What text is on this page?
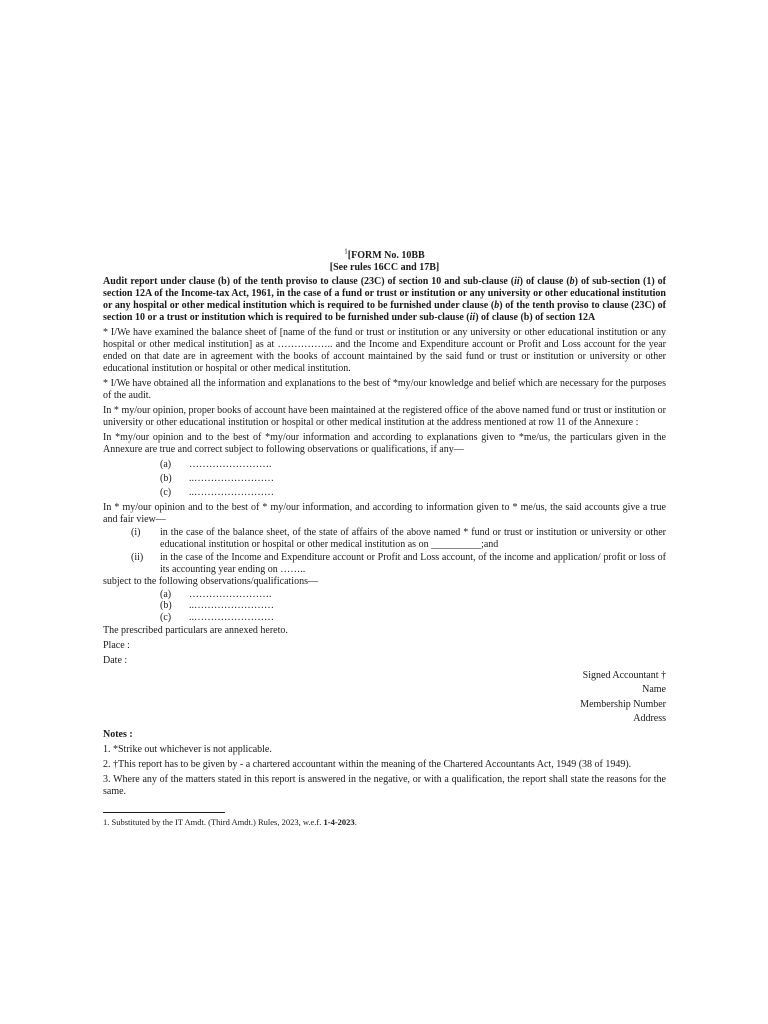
$^1$[FORM No. 10BB
[See rules 16CC and 17B]
Audit report under clause (b) of the tenth proviso to clause (23C) of section 10 and sub-clause (ii) of clause (b) of sub-section (1) of section 12A of the Income-tax Act, 1961, in the case of a fund or trust or institution or any university or other educational institution or any hospital or other medical institution which is required to be furnished under clause (b) of the tenth proviso to clause (23C) of section 10 or a trust or institution which is required to be furnished under sub-clause (ii) of clause (b) of section 12A

* I/We have examined the balance sheet of [name of the fund or trust or institution or any university or other educational institution or any hospital or other medical institution] as at …………….. and the Income and Expenditure account or Profit and Loss account for the year ended on that date are in agreement with the books of account maintained by the said fund or trust or institution or university or other educational institution or hospital or other medical institution.

* I/We have obtained all the information and explanations to the best of *my/our knowledge and belief which are necessary for the purposes of the audit.

In * my/our opinion, proper books of account have been maintained at the registered office of the above named fund or trust or institution or university or other educational institution or hospital or other medical institution at the address mentioned at row 11 of the Annexure :

In *my/our opinion and to the best of *my/our information and according to explanations given to *me/us, the particulars given in the Annexure are true and correct subject to following observations or qualifications, if any—

(a)	…………………….
(b)	..……………………
(c)	..……………………

In * my/our opinion and to the best of * my/our information, and according to information given to * me/us, the said accounts give a true and fair view—

(i)	in the case of the balance sheet, of the state of affairs of the above named * fund or trust or institution or university or other educational institution or hospital or other medical institution as on __________;and
(ii)	in the case of the Income and Expenditure account or Profit and Loss account, of the income and application/ profit or loss of its accounting year ending on ……..

subject to the following observations/qualifications—

(a)	…………………….
(b)	..……………………
(c)	..……………………

The prescribed particulars are annexed hereto.

Place :

Date :

Signed Accountant †
Name
Membership Number
Address
Notes :

1. *Strike out whichever is not applicable.

2. †This report has to be given by - a chartered accountant within the meaning of the Chartered Accountants Act, 1949 (38 of 1949).

3. Where any of the matters stated in this report is answered in the negative, or with a qualification, the report shall state the reasons for the same.

1. Substituted by the IT Amdt. (Third Amdt.) Rules, 2023, w.e.f. 1-4-2023.
